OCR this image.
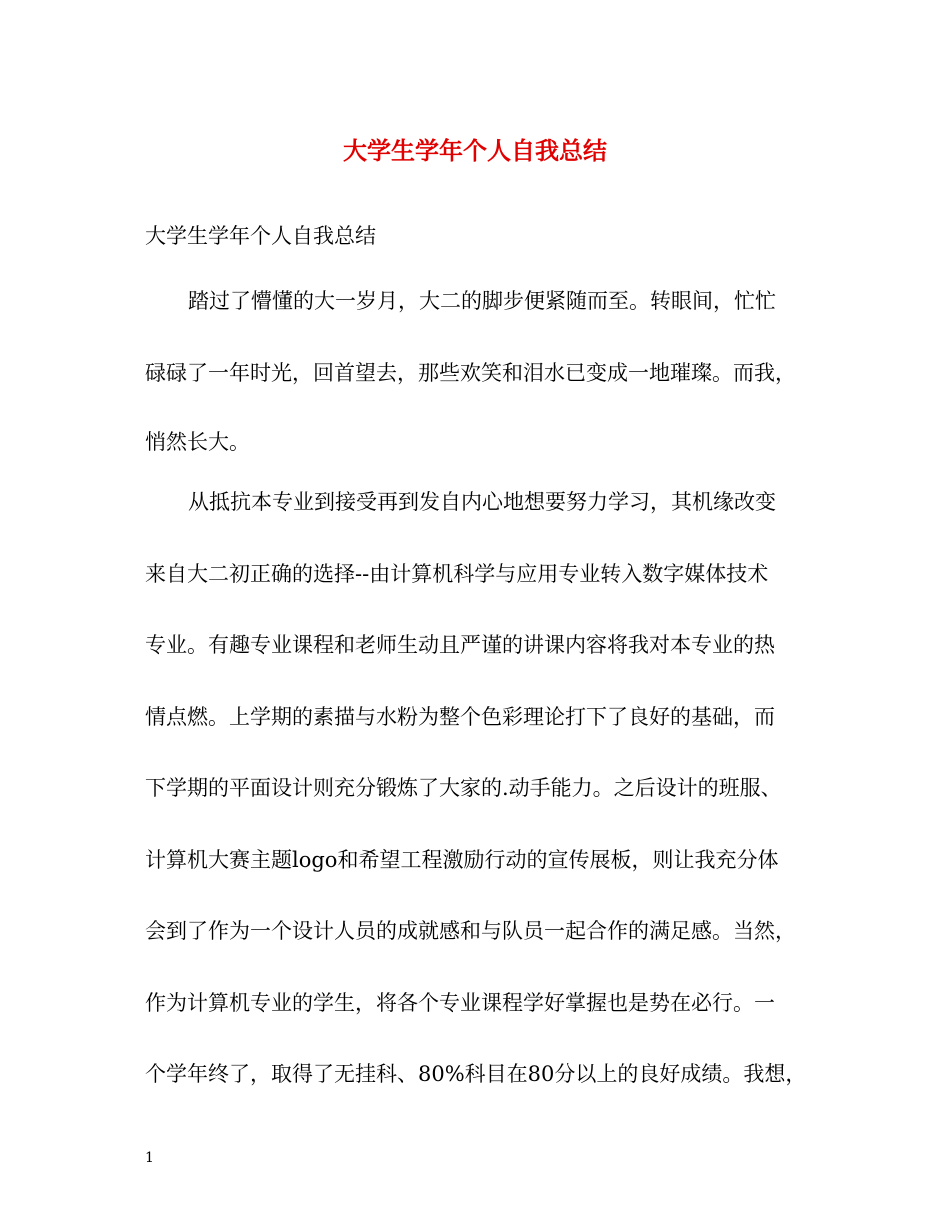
大学生学年个人自我总结
大学生学年个人自我总结
踏过了懵懂的大一岁月，大二的脚步便紧随而至。转眼间，忙忙
碌碌了一年时光，回首望去，那些欢笑和泪水已变成一地璀璨。而我，
悄然长大。
从抵抗本专业到接受再到发自内心地想要努力学习，其机缘改变
来自大二初正确的选择--由计算机科学与应用专业转入数字媒体技术
专业。有趣专业课程和老师生动且严谨的讲课内容将我对本专业的热
情点燃。上学期的素描与水粉为整个色彩理论打下了良好的基础，而
下学期的平面设计则充分锻炼了大家的.动手能力。之后设计的班服、
计算机大赛主题logo和希望工程激励行动的宣传展板，则让我充分体
会到了作为一个设计人员的成就感和与队员一起合作的满足感。当然，
作为计算机专业的学生，将各个专业课程学好掌握也是势在必行。一
个学年终了，取得了无挂科、80%科目在80分以上的良好成绩。我想，
1
